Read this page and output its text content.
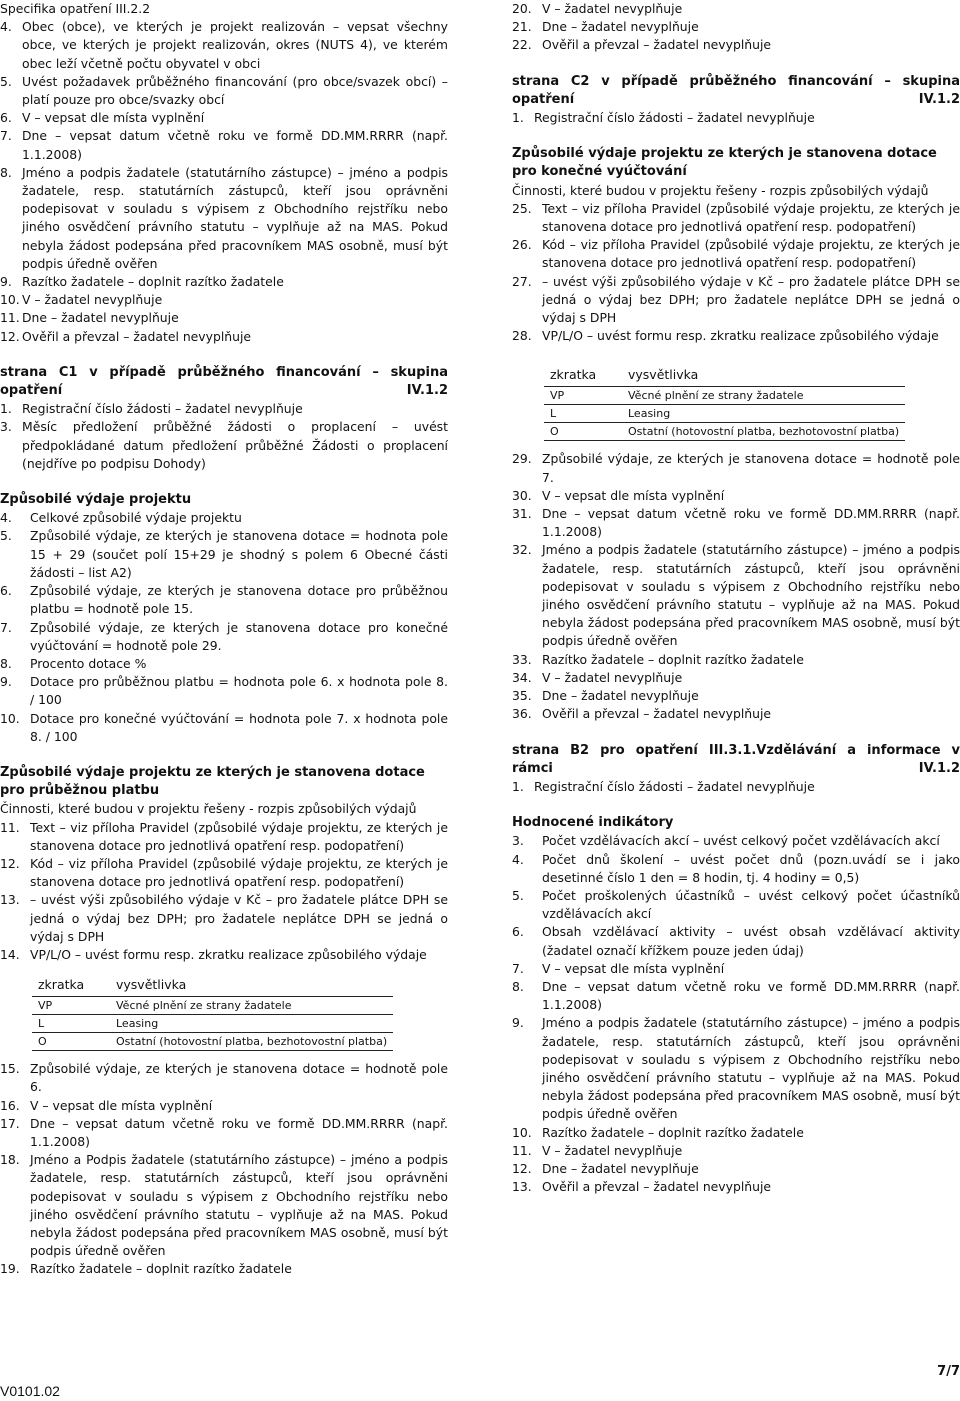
Specifika opatření III.2.2
4. Obec (obce), ve kterých je projekt realizován – vepsat všechny obce, ve kterých je projekt realizován, okres (NUTS 4), ve kterém obec leží včetně počtu obyvatel v obci
5. Uvést požadavek průběžného financování (pro obce/svazek obcí) – platí pouze pro obce/svazky obcí
6. V – vepsat dle místa vyplnění
7. Dne – vepsat datum včetně roku ve formě DD.MM.RRRR (např. 1.1.2008)
8. Jméno a podpis žadatele (statutárního zástupce) – jméno a podpis žadatele, resp. statutárních zástupců, kteří jsou oprávněni podepisovat v souladu s výpisem z Obchodního rejstříku nebo jiného osvědčení právního statutu – vyplňuje až na MAS. Pokud nebyla žádost podepsána před pracovníkem MAS osobně, musí být podpis úředně ověřen
9. Razítko žadatele – doplnit razítko žadatele
10. V – žadatel nevyplňuje
11. Dne – žadatel nevyplňuje
12. Ověřil a převzal – žadatel nevyplňuje
strana C1 v případě průběžného financování – skupina opatření IV.1.2
1. Registrační číslo žádosti – žadatel nevyplňuje
3. Měsíc předložení průběžné žádosti o proplacení – uvést předpokládané datum předložení průběžné Žádosti o proplacení (nejdříve po podpisu Dohody)
Způsobilé výdaje projektu
4.	Celkové způsobilé výdaje projektu
5.	Způsobilé výdaje, ze kterých je stanovena dotace = hodnota pole 15 + 29 (součet polí 15+29 je shodný s polem 6 Obecné části žádosti – list A2)
6.	Způsobilé výdaje, ze kterých je stanovena dotace pro průběžnou platbu = hodnotě pole 15.
7.	Způsobilé výdaje, ze kterých je stanovena dotace pro konečné vyúčtování = hodnotě pole 29.
8.	Procento dotace %
9.	Dotace pro průběžnou platbu = hodnota pole 6. x hodnota pole 8. / 100
10. Dotace pro konečné vyúčtování = hodnota pole 7. x hodnota pole 8. / 100
Způsobilé výdaje projektu ze kterých je stanovena dotace pro průběžnou platbu
Činnosti, které budou v projektu řešeny - rozpis způsobilých výdajů
11. Text – viz příloha Pravidel (způsobilé výdaje projektu, ze kterých je stanovena dotace pro jednotlivá opatření resp. podopatření)
12. Kód – viz příloha Pravidel (způsobilé výdaje projektu, ze kterých je stanovena dotace pro jednotlivá opatření resp. podopatření)
13. – uvést výši způsobilého výdaje v Kč – pro žadatele plátce DPH se jedná o výdaj bez DPH; pro žadatele neplátce DPH se jedná o výdaj s DPH
14. VP/L/O – uvést formu resp. zkratku realizace způsobilého výdaje
zkratka	vysvětlivka
VP	Věcné plnění ze strany žadatele
L	Leasing
O	Ostatní (hotovostní platba, bezhotovostní platba)
15. Způsobilé výdaje, ze kterých je stanovena dotace = hodnotě pole 6.
16. V – vepsat dle místa vyplnění
17. Dne – vepsat datum včetně roku ve formě DD.MM.RRRR (např. 1.1.2008)
18. Jméno a Podpis žadatele (statutárního zástupce) – jméno a podpis žadatele, resp. statutárních zástupců, kteří jsou oprávněni podepisovat v souladu s výpisem z Obchodního rejstříku nebo jiného osvědčení právního statutu – vyplňuje až na MAS. Pokud nebyla žádost podepsána před pracovníkem MAS osobně, musí být podpis úředně ověřen
19. Razítko žadatele – doplnit razítko žadatele
20. V – žadatel nevyplňuje
21. Dne – žadatel nevyplňuje
22. Ověřil a převzal – žadatel nevyplňuje
strana C2 v případě průběžného financování – skupina opatření IV.1.2
1. Registrační číslo žádosti – žadatel nevyplňuje
Způsobilé výdaje projektu ze kterých je stanovena dotace pro konečné vyúčtování
Činnosti, které budou v projektu řešeny - rozpis způsobilých výdajů
25. Text – viz příloha Pravidel (způsobilé výdaje projektu, ze kterých je stanovena dotace pro jednotlivá opatření resp. podopatření)
26. Kód – viz příloha Pravidel (způsobilé výdaje projektu, ze kterých je stanovena dotace pro jednotlivá opatření resp. podopatření)
27. – uvést výši způsobilého výdaje v Kč – pro žadatele plátce DPH se jedná o výdaj bez DPH; pro žadatele neplátce DPH se jedná o výdaj s DPH
28. VP/L/O – uvést formu resp. zkratku realizace způsobilého výdaje
zkratka	vysvětlivka
VP	Věcné plnění ze strany žadatele
L	Leasing
O	Ostatní (hotovostní platba, bezhotovostní platba)
29. Způsobilé výdaje, ze kterých je stanovena dotace = hodnotě pole 7.
30. V – vepsat dle místa vyplnění
31. Dne – vepsat datum včetně roku ve formě DD.MM.RRRR (např. 1.1.2008)
32. Jméno a podpis žadatele (statutárního zástupce) – jméno a podpis žadatele, resp. statutárních zástupců, kteří jsou oprávněni podepisovat v souladu s výpisem z Obchodního rejstříku nebo jiného osvědčení právního statutu – vyplňuje až na MAS. Pokud nebyla žádost podepsána před pracovníkem MAS osobně, musí být podpis úředně ověřen
33. Razítko žadatele – doplnit razítko žadatele
34. V – žadatel nevyplňuje
35. Dne – žadatel nevyplňuje
36. Ověřil a převzal – žadatel nevyplňuje
strana B2 pro opatření III.3.1.Vzdělávání a informace v rámci IV.1.2
1. Registrační číslo žádosti – žadatel nevyplňuje
Hodnocené indikátory
3.	Počet vzdělávacích akcí – uvést celkový počet vzdělávacích akcí
4.	Počet dnů školení – uvést počet dnů (pozn.uvádí se i jako desetinné číslo 1 den = 8 hodin, tj. 4 hodiny = 0,5)
5.	Počet proškolených účastníků – uvést celkový počet účastníků vzdělávacích akcí
6.	Obsah vzdělávací aktivity – uvést obsah vzdělávací aktivity (žadatel označí křížkem pouze jeden údaj)
7.	V – vepsat dle místa vyplnění
8.	Dne – vepsat datum včetně roku ve formě DD.MM.RRRR (např. 1.1.2008)
9.	Jméno a podpis žadatele (statutárního zástupce) – jméno a podpis žadatele, resp. statutárních zástupců, kteří jsou oprávněni podepisovat v souladu s výpisem z Obchodního rejstříku nebo jiného osvědčení právního statutu – vyplňuje až na MAS. Pokud nebyla žádost podepsána před pracovníkem MAS osobně, musí být podpis úředně ověřen
10. Razítko žadatele – doplnit razítko žadatele
11. V – žadatel nevyplňuje
12. Dne – žadatel nevyplňuje
13. Ověřil a převzal – žadatel nevyplňuje
7/7
V0101.02
